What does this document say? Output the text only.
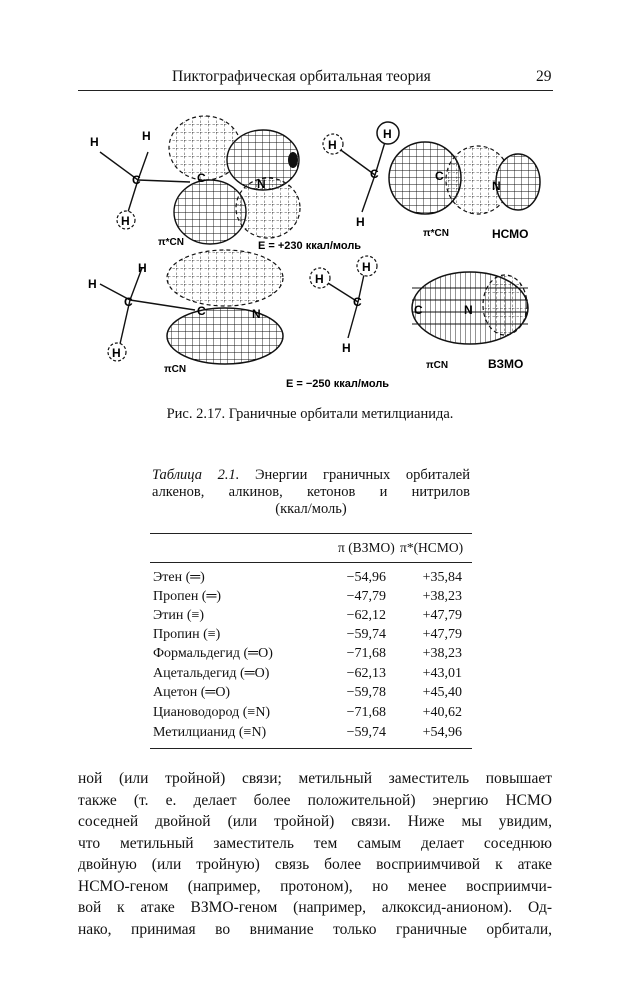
Пиктографическая орбитальная теория	29
H	H
H
C	C	N
π*CN
H
H
H
C	C
N
π*CN	НСМО
E = +230 ккал/моль
H
H
H
C
C	N
πCN
H
H
H
C
C	N
πCN	ВЗМО
E = −250 ккал/моль
Рис. 2.17. Граничные орбитали метилцианида.
Таблица 2.1. Энергии граничных орбиталей
алкенов, алкинов, кетонов и нитрилов
(ккал/моль)
π (ВЗМО) π*(НСМО)
Этен (═)	−54,96	+35,84
Пропен (═)	−47,79	+38,23
Этин (≡)	−62,12	+47,79
Пропин (≡)	−59,74	+47,79
Формальдегид (═O)	−71,68	+38,23
Ацетальдегид (═O)	−62,13	+43,01
Ацетон (═O)	−59,78	+45,40
Циановодород (≡N)	−71,68	+40,62
Метилцианид (≡N)	−59,74	+54,96
ной (или тройной) связи; метильный заместитель повышает
также (т. е. делает более положительной) энергию НСМО
соседней двойной (или тройной) связи. Ниже мы увидим,
что метильный заместитель тем самым делает соседнюю
двойную (или тройную) связь более восприимчивой к атаке
НСМО-геном (например, протоном), но менее восприимчи-
вой к атаке ВЗМО-геном (например, алкоксид-анионом). Од-
нако, принимая во внимание только граничные орбитали,
